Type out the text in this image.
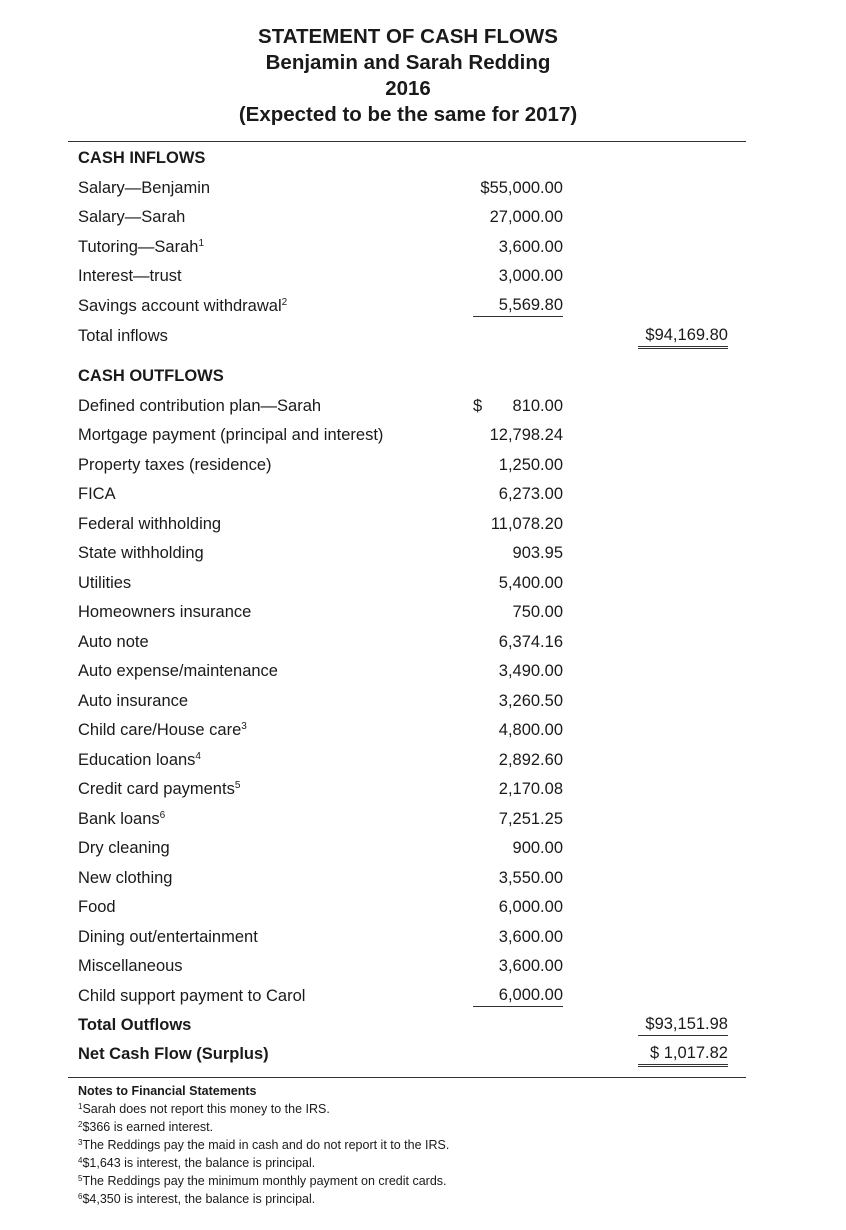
STATEMENT OF CASH FLOWS
Benjamin and Sarah Redding
2016
(Expected to be the same for 2017)
CASH INFLOWS
Salary—Benjamin	$55,000.00
Salary—Sarah	27,000.00
Tutoring—Sarah$^1$	3,600.00
Interest—trust	3,000.00
Savings account withdrawal$^2$	5,569.80
Total inflows	$94,169.80
CASH OUTFLOWS
Defined contribution plan—Sarah	$ 810.00
Mortgage payment (principal and interest)	12,798.24
Property taxes (residence)	1,250.00
FICA	6,273.00
Federal withholding	11,078.20
State withholding	903.95
Utilities	5,400.00
Homeowners insurance	750.00
Auto note	6,374.16
Auto expense/maintenance	3,490.00
Auto insurance	3,260.50
Child care/House care$^3$	4,800.00
Education loans$^4$	2,892.60
Credit card payments$^5$	2,170.08
Bank loans$^6$	7,251.25
Dry cleaning	900.00
New clothing	3,550.00
Food	6,000.00
Dining out/entertainment	3,600.00
Miscellaneous	3,600.00
Child support payment to Carol	6,000.00
Total Outflows	$93,151.98
Net Cash Flow (Surplus)	$ 1,017.82
Notes to Financial Statements
$^1$Sarah does not report this money to the IRS.
$^2$\$366 is earned interest.
$^3$The Reddings pay the maid in cash and do not report it to the IRS.
$^4$\$1,643 is interest, the balance is principal.
$^5$The Reddings pay the minimum monthly payment on credit cards.
$^6$\$4,350 is interest, the balance is principal.
